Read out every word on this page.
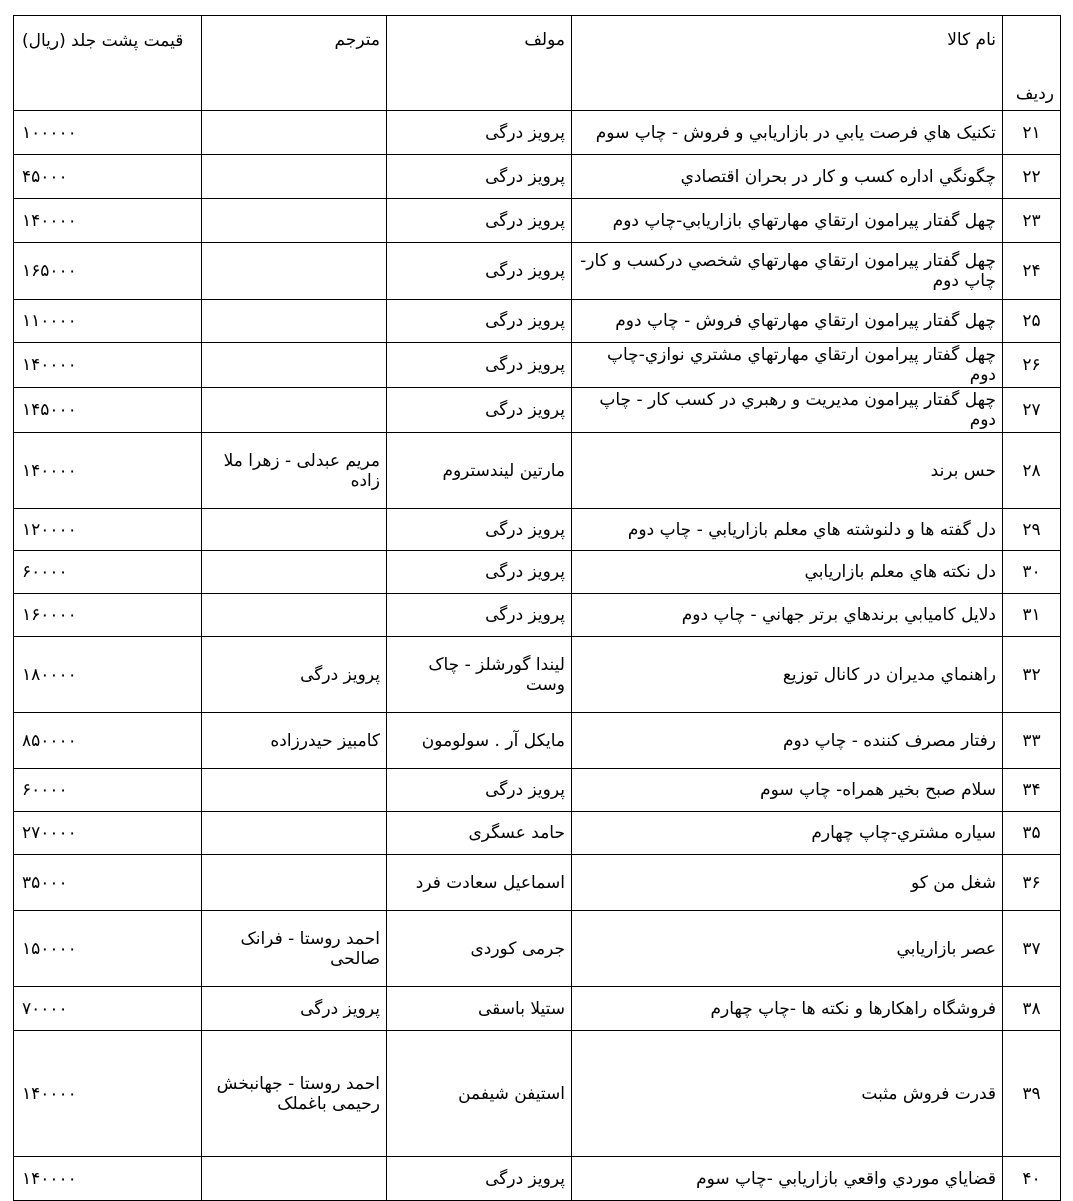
ردیف	نام كالا	مولف	مترجم	قیمت پشت جلد (ریال)
۲۱	تكنیک هاي فرصت يابي در بازاريابي و فروش - چاپ سوم	پرويز درگی		۱۰۰۰۰۰
۲۲	چگونگي اداره كسب و كار در بحران اقتصادي	پرويز درگی		۴۵۰۰۰
۲۳	چهل گفتار پيرامون ارتقاي مهارتهاي بازاريابي-چاپ دوم	پرويز درگی		۱۴۰۰۰۰
۲۴	چهل گفتار پيرامون ارتقاي مهارتهاي شخصي دركسب و كار- چاپ دوم	پرويز درگی		۱۶۵۰۰۰
۲۵	چهل گفتار پيرامون ارتقاي مهارتهاي فروش - چاپ دوم	پرويز درگی		۱۱۰۰۰۰
۲۶	چهل گفتار پيرامون ارتقاي مهارتهاي مشتري نوازي-چاپ دوم	پرويز درگی		۱۴۰۰۰۰
۲۷	چهل گفتار پيرامون مديريت و رهبري در كسب كار - چاپ دوم	پرويز درگی		۱۴۵۰۰۰
۲۸	حس برند	مارتين ليندستروم	مریم عبدلی - زهرا ملا زاده	۱۴۰۰۰۰
۲۹	دل گفته ها و دلنوشته هاي معلم بازاريابي - چاپ دوم	پرويز درگی		۱۲۰۰۰۰
۳۰	دل نكته هاي معلم بازاريابي	پرويز درگی		۶۰۰۰۰
۳۱	دلايل كاميابي برندهاي برتر جهاني - چاپ دوم	پرويز درگی		۱۶۰۰۰۰
۳۲	راهنماي مديران در كانال توزيع	ليندا گورشلز - چاک وست	پرويز درگی	۱۸۰۰۰۰
۳۳	رفتار مصرف كننده - چاپ دوم	مايكل آر . سولومون	كامبيز حيدرزاده	۸۵۰۰۰۰
۳۴	سلام صبح بخير همراه- چاپ سوم	پرويز درگی		۶۰۰۰۰
۳۵	سياره مشتري-چاپ چهارم	حامد عسگری		۲۷۰۰۰۰
۳۶	شغل من كو	اسماعیل سعادت فرد		۳۵۰۰۰
۳۷	عصر بازاريابي	جرمی کوردی	احمد روستا - فرانک صالحی	۱۵۰۰۰۰
۳۸	فروشگاه راهكارها و نكته ها -چاپ چهارم	ستيلا باسقی	پرويز درگی	۷۰۰۰۰
۳۹	قدرت فروش مثبت	استیفن شیفمن	احمد روستا - جهانبخش رحیمی باغملک	۱۴۰۰۰۰
۴۰	قضاياي موردي واقعي بازاريابي -چاپ سوم	پرويز درگی		۱۴۰۰۰۰
